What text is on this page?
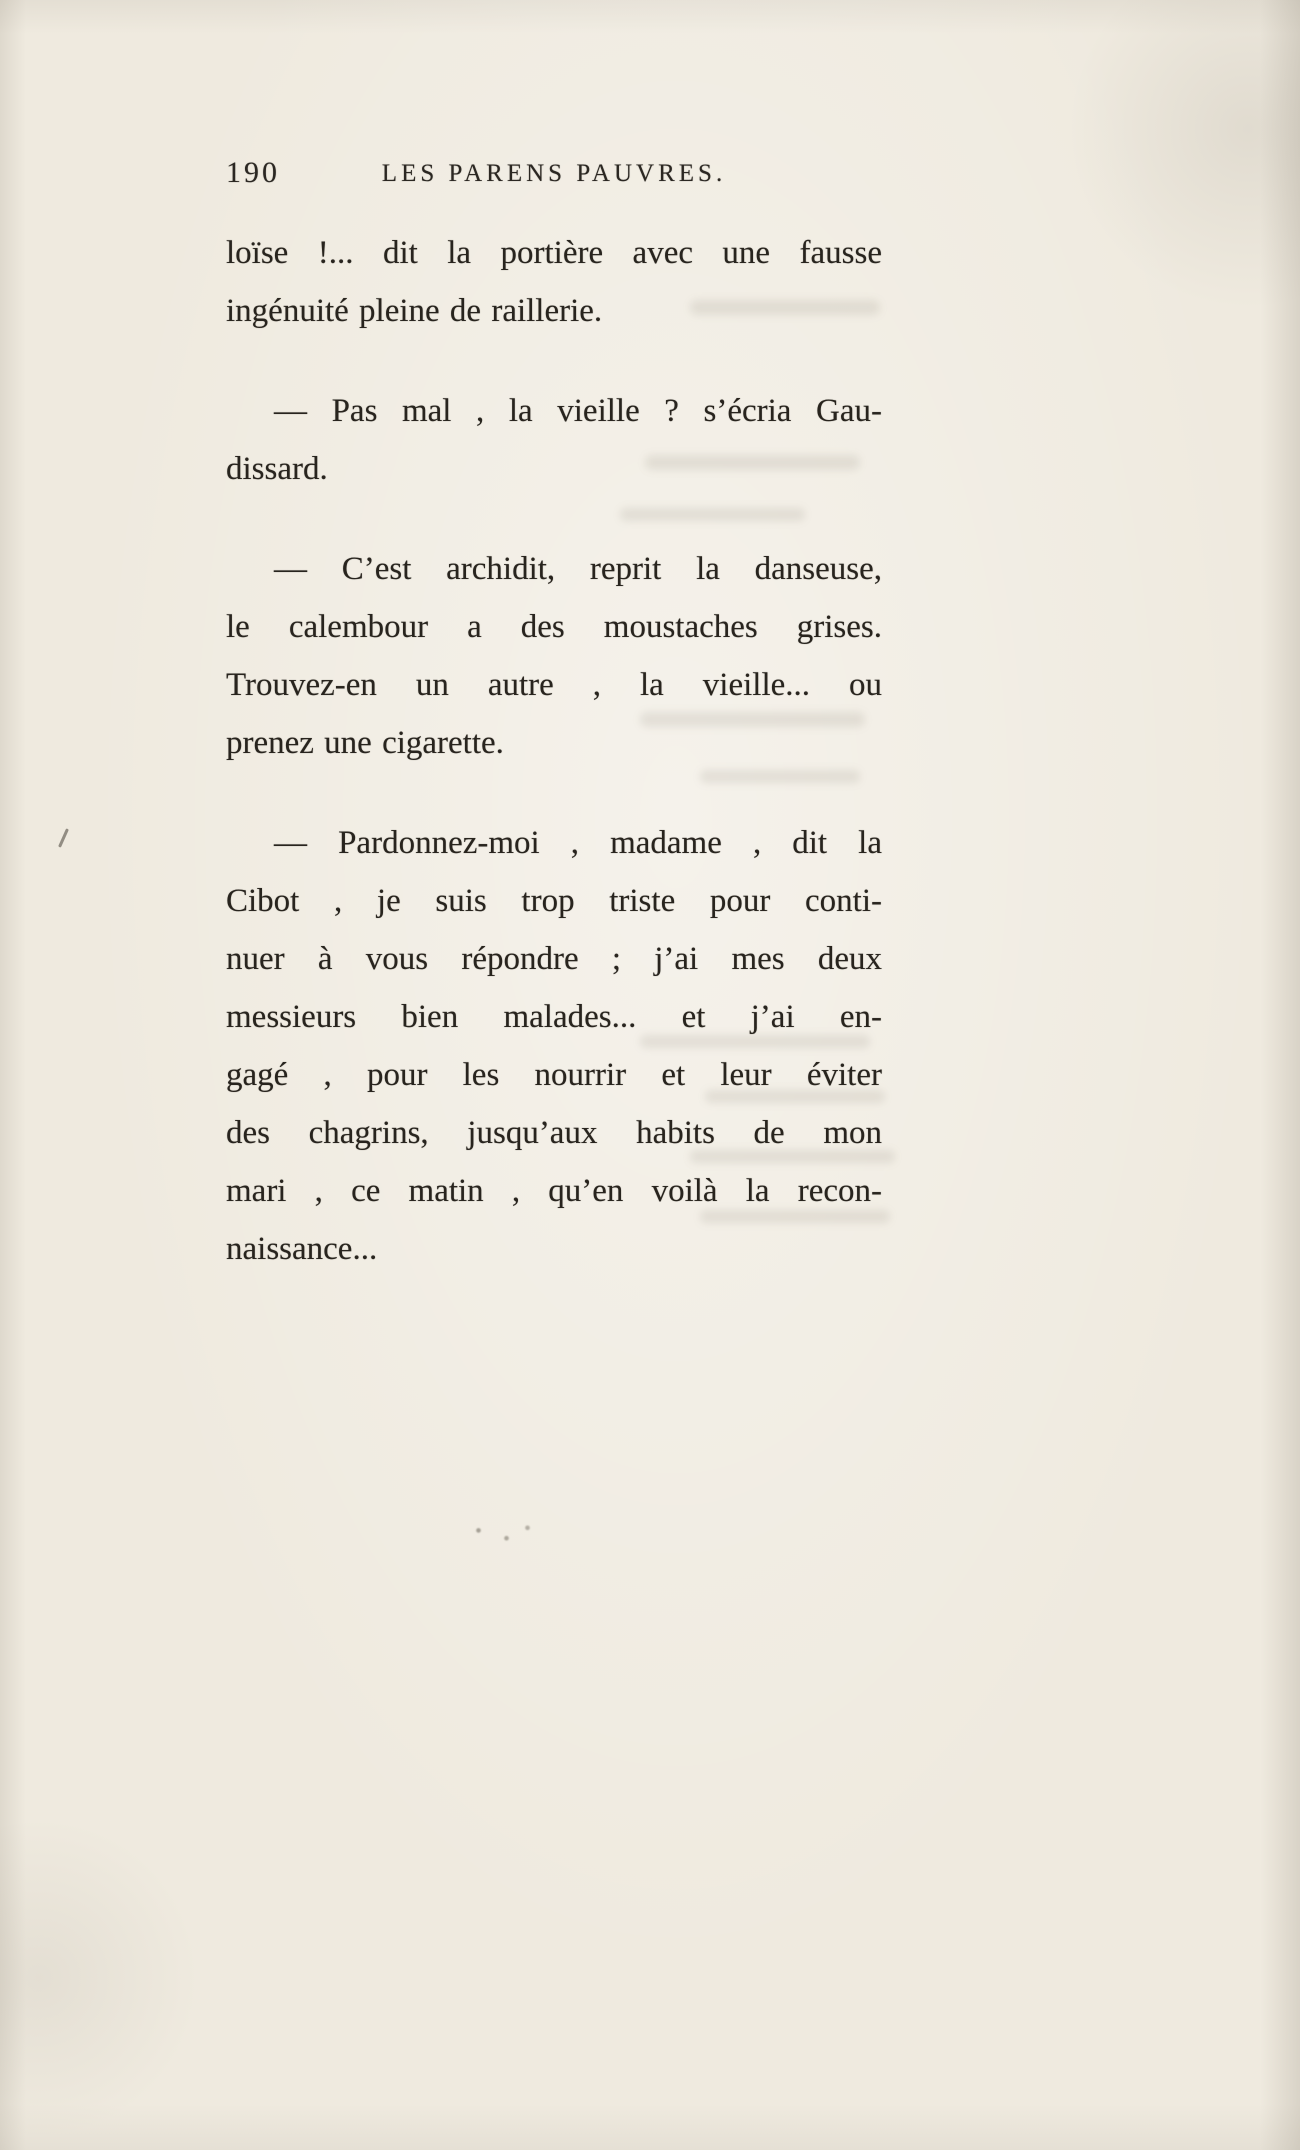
190	LES PARENS PAUVRES.

loïse !... dit la portière avec une fausse
ingénuité pleine de raillerie.

— Pas mal , la vieille ? s’écria Gau-
dissard.

— C’est archidit, reprit la danseuse,
le calembour a des moustaches grises.
Trouvez-en un autre , la vieille... ou
prenez une cigarette.

— Pardonnez-moi , madame , dit la
Cibot , je suis trop triste pour conti-
nuer à vous répondre ; j’ai mes deux
messieurs bien malades... et j’ai en-
gagé , pour les nourrir et leur éviter
des chagrins, jusqu’aux habits de mon
mari , ce matin , qu’en voilà la recon-
naissance...
